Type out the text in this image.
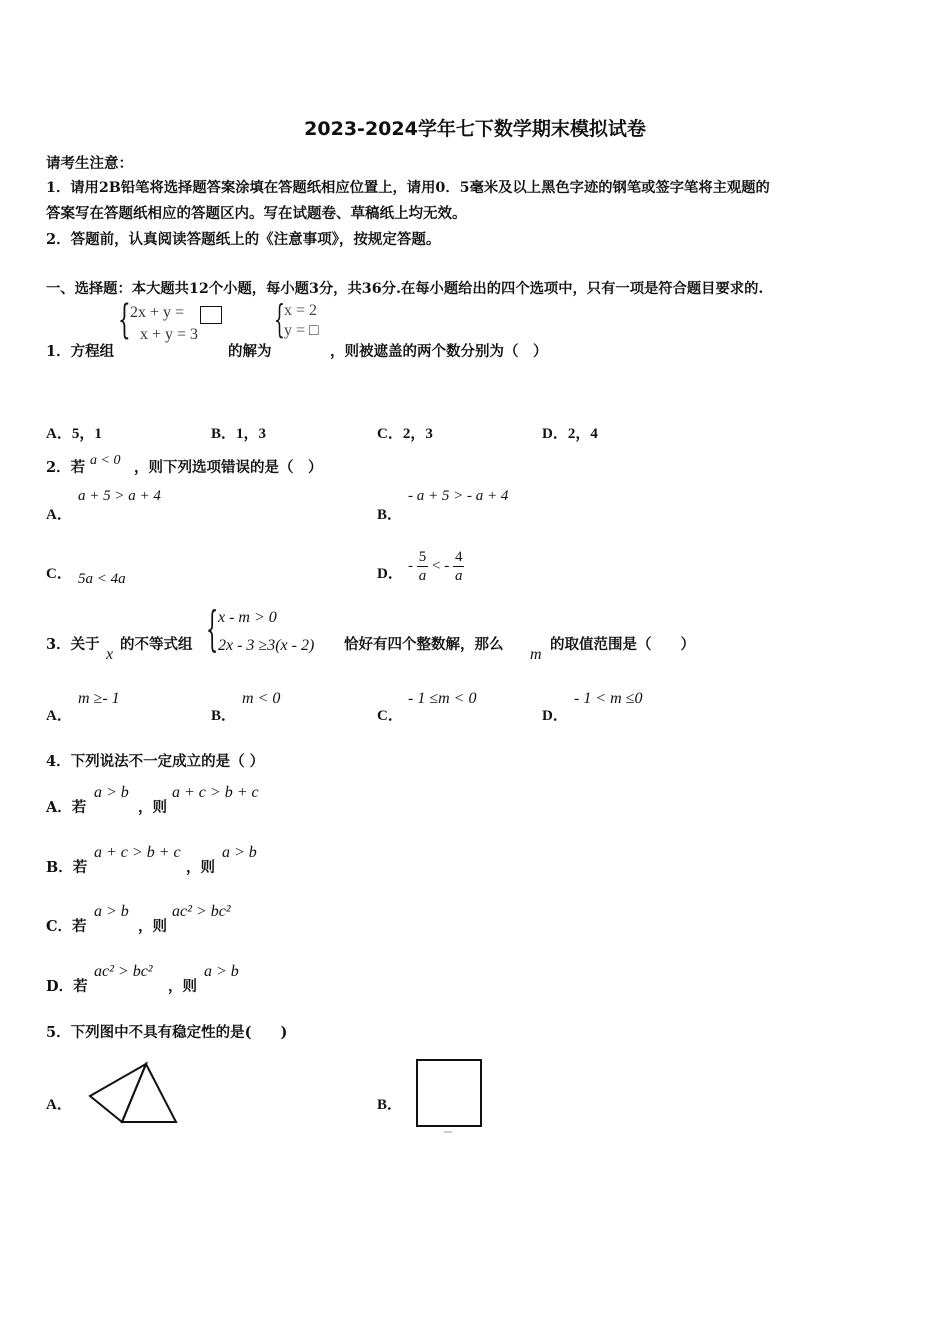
2023-2024学年七下数学期末模拟试卷
请考生注意：
1．请用2B铅笔将选择题答案涂填在答题纸相应位置上，请用0．5毫米及以上黑色字迹的钢笔或签字笔将主观题的
答案写在答题纸相应的答题区内。写在试题卷、草稿纸上均无效。
2．答题前，认真阅读答题纸上的《注意事项》，按规定答题。
一、选择题：本大题共12个小题，每小题3分，共36分.在每小题给出的四个选项中，只有一项是符合题目要求的.
1．方程组
{ 2x + y =
x + y = 3
的解为
{ x = 2
y = □
，则被遮盖的两个数分别为（　）
A．5，1	B．1，3	C．2，3	D．2，4
2．若 a < 0 ，则下列选项错误的是（　）
A．
a + 5 > a + 4
B．
- a + 5 > - a + 4
C． 5a < 4a	D．
- $\frac{5}{a}$ < - $\frac{4}{a}$
3．关于
x
的不等式组 { x - m > 0
2x - 3 ≥3(x - 2) 恰好有四个整数解，那么
m
的取值范围是（　　）
A．
m ≥- 1
B．
m < 0
C．
- 1 ≤m < 0
D．
- 1 < m ≤0
4．下列说法不一定成立的是（ ）
A．若
a > b
，则
a + c > b + c
B．若
a + c > b + c
，则
a > b
C．若
a > b
，则
ac² > bc²
D．若
ac² > bc²
，则
a > b
5．下列图中不具有稳定性的是(　　)
A．	B．
